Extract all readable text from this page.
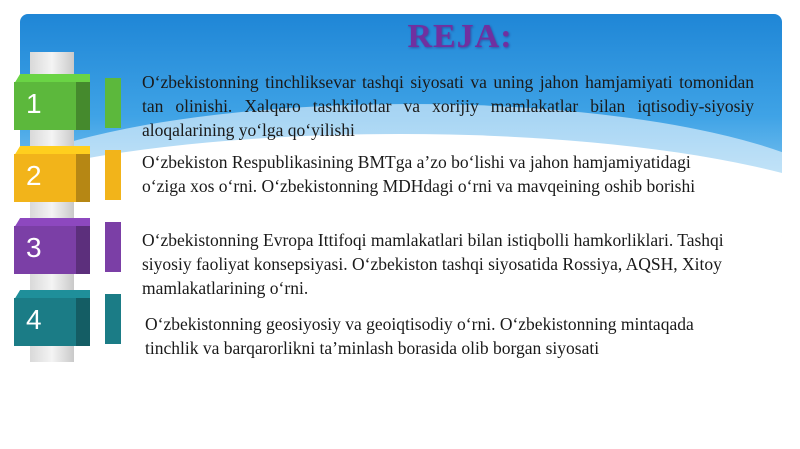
REJA:
1
O‘zbekistonning tinchliksevar tashqi siyosati va uning jahon hamjamiyati tomonidan tan olinishi. Xalqaro tashkilotlar va xorijiy mamlakatlar bilan iqtisodiy-siyosiy aloqalarining yo‘lga qo‘yilishi
2	O‘zbekiston Respublikasining BMTga a’zo bo‘lishi va jahon hamjamiyatidagi o‘ziga xos o‘rni. O‘zbekistonning MDHdagi o‘rni va mavqeining oshib borishi
3	O‘zbekistonning Evropa Ittifoqi mamlakatlari bilan istiqbolli hamkorliklari. Tashqi siyosiy faoliyat konsepsiyasi. O‘zbekiston tashqi siyosatida Rossiya, AQSH, Xitoy mamlakatlarining o‘rni.
4	O‘zbekistonning geosiyosiy va geoiqtisodiy o‘rni. O‘zbekistonning mintaqada tinchlik va barqarorlikni ta’minlash borasida olib borgan siyosati
